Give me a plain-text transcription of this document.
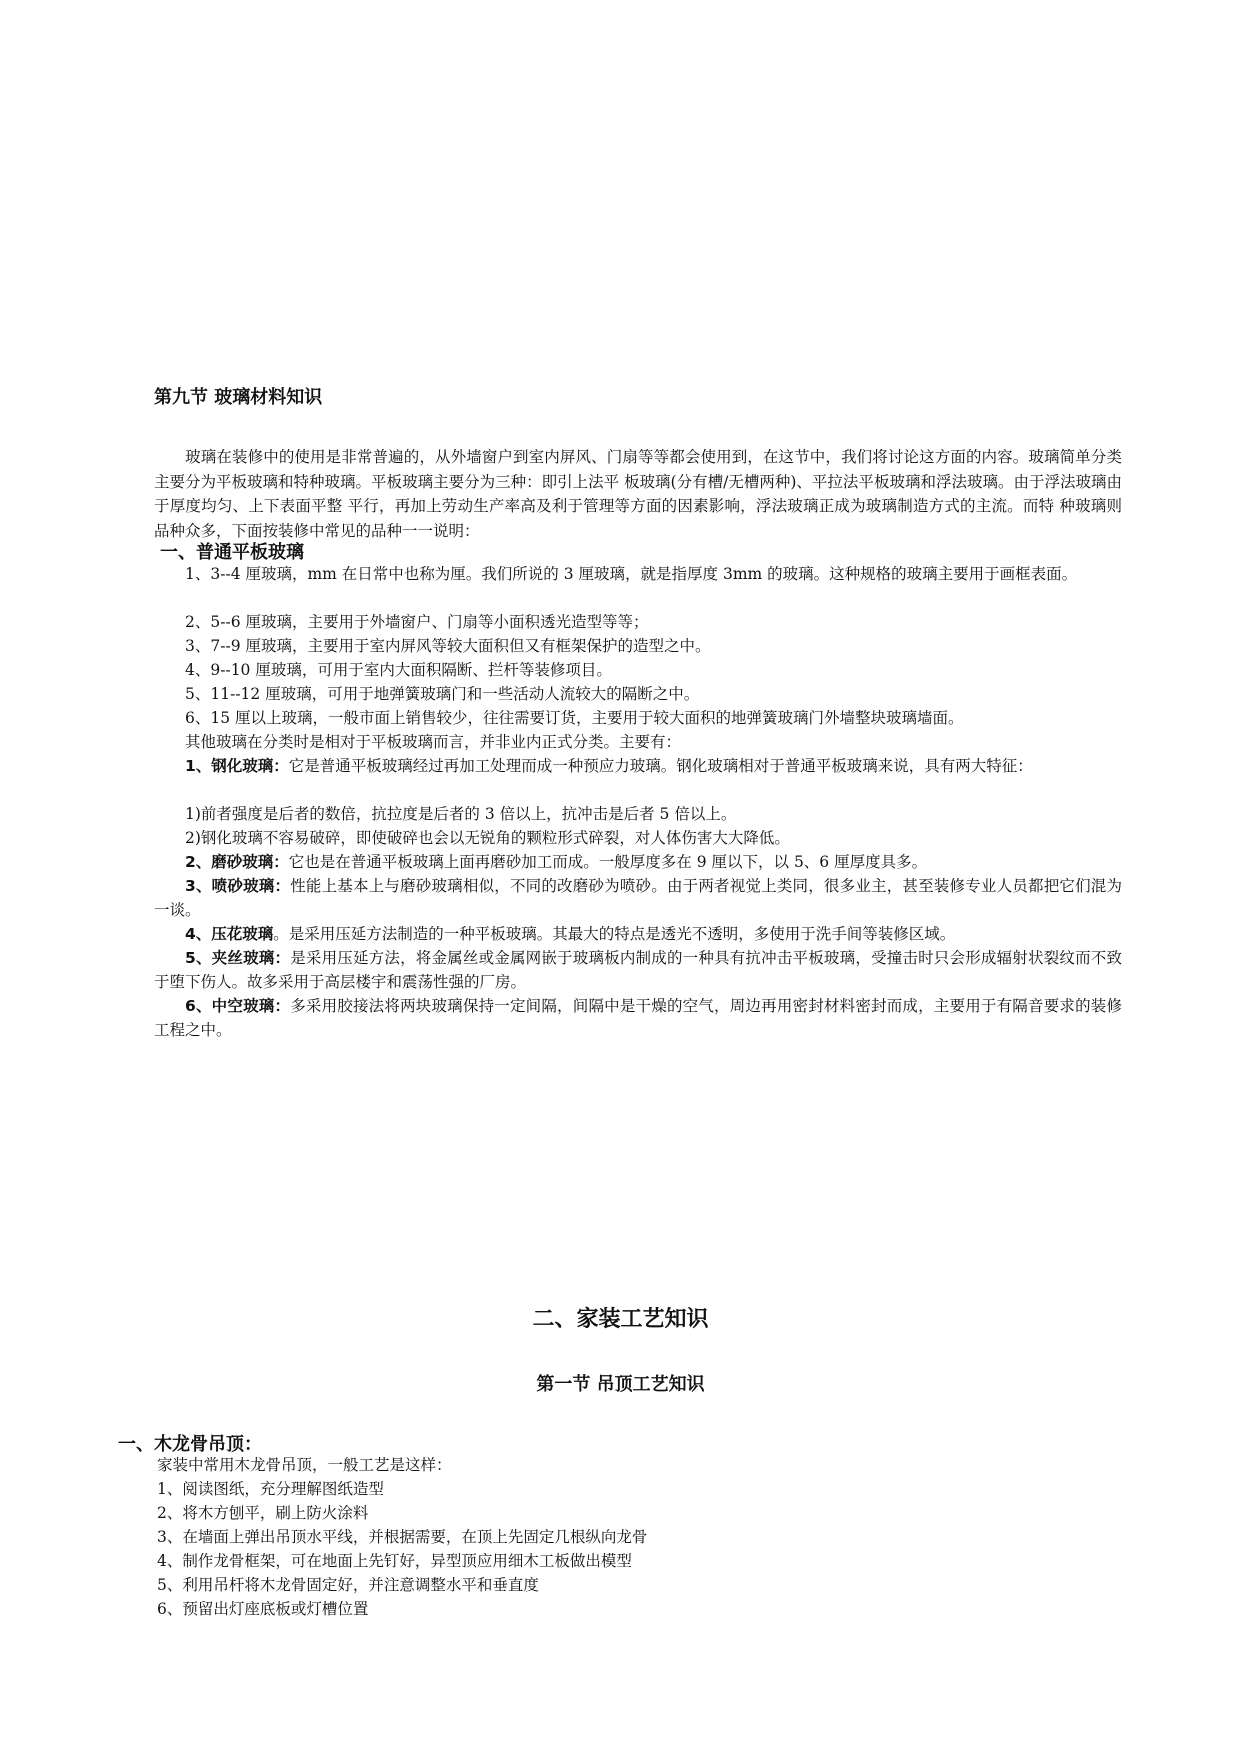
第九节 玻璃材料知识

玻璃在装修中的使用是非常普遍的，从外墙窗户到室内屏风、门扇等等都会使用到，在这节中，我们将讨论这方面的内容。玻璃简单分类主要分为平板玻璃和特种玻璃。平板玻璃主要分为三种：即引上法平 板玻璃(分有槽/无槽两种)、平拉法平板玻璃和浮法玻璃。由于浮法玻璃由于厚度均匀、上下表面平整 平行，再加上劳动生产率高及利于管理等方面的因素影响，浮法玻璃正成为玻璃制造方式的主流。而特 种玻璃则品种众多，下面按装修中常见的品种一一说明：

一、普通平板玻璃

1、3--4 厘玻璃，mm 在日常中也称为厘。我们所说的 3 厘玻璃，就是指厚度 3mm 的玻璃。这种规格的玻璃主要用于画框表面。

2、5--6 厘玻璃，主要用于外墙窗户、门扇等小面积透光造型等等；

3、7--9 厘玻璃，主要用于室内屏风等较大面积但又有框架保护的造型之中。

4、9--10 厘玻璃，可用于室内大面积隔断、拦杆等装修项目。

5、11--12 厘玻璃，可用于地弹簧玻璃门和一些活动人流较大的隔断之中。

6、15 厘以上玻璃，一般市面上销售较少，往往需要订货，主要用于较大面积的地弹簧玻璃门外墙整块玻璃墙面。

其他玻璃在分类时是相对于平板玻璃而言，并非业内正式分类。主要有：

1、钢化玻璃：它是普通平板玻璃经过再加工处理而成一种预应力玻璃。钢化玻璃相对于普通平板玻璃来说，具有两大特征：

1)前者强度是后者的数倍，抗拉度是后者的 3 倍以上，抗冲击是后者 5 倍以上。

2)钢化玻璃不容易破碎，即使破碎也会以无锐角的颗粒形式碎裂，对人体伤害大大降低。

2、磨砂玻璃：它也是在普通平板玻璃上面再磨砂加工而成。一般厚度多在 9 厘以下，以 5、6 厘厚度具多。

3、喷砂玻璃：性能上基本上与磨砂玻璃相似，不同的改磨砂为喷砂。由于两者视觉上类同，很多业主，甚至装修专业人员都把它们混为一谈。

4、压花玻璃。是采用压延方法制造的一种平板玻璃。其最大的特点是透光不透明，多使用于洗手间等装修区域。

5、夹丝玻璃：是采用压延方法，将金属丝或金属网嵌于玻璃板内制成的一种具有抗冲击平板玻璃，受撞击时只会形成辐射状裂纹而不致于堕下伤人。故多采用于高层楼宇和震荡性强的厂房。

6、中空玻璃：多采用胶接法将两块玻璃保持一定间隔，间隔中是干燥的空气，周边再用密封材料密封而成，主要用于有隔音要求的装修工程之中。

二、家装工艺知识
第一节 吊顶工艺知识
一、木龙骨吊顶：

家装中常用木龙骨吊顶，一般工艺是这样：

1、阅读图纸，充分理解图纸造型

2、将木方刨平，刷上防火涂料

3、在墙面上弹出吊顶水平线，并根据需要，在顶上先固定几根纵向龙骨

4、制作龙骨框架，可在地面上先钉好，异型顶应用细木工板做出模型

5、利用吊杆将木龙骨固定好，并注意调整水平和垂直度

6、预留出灯座底板或灯槽位置
